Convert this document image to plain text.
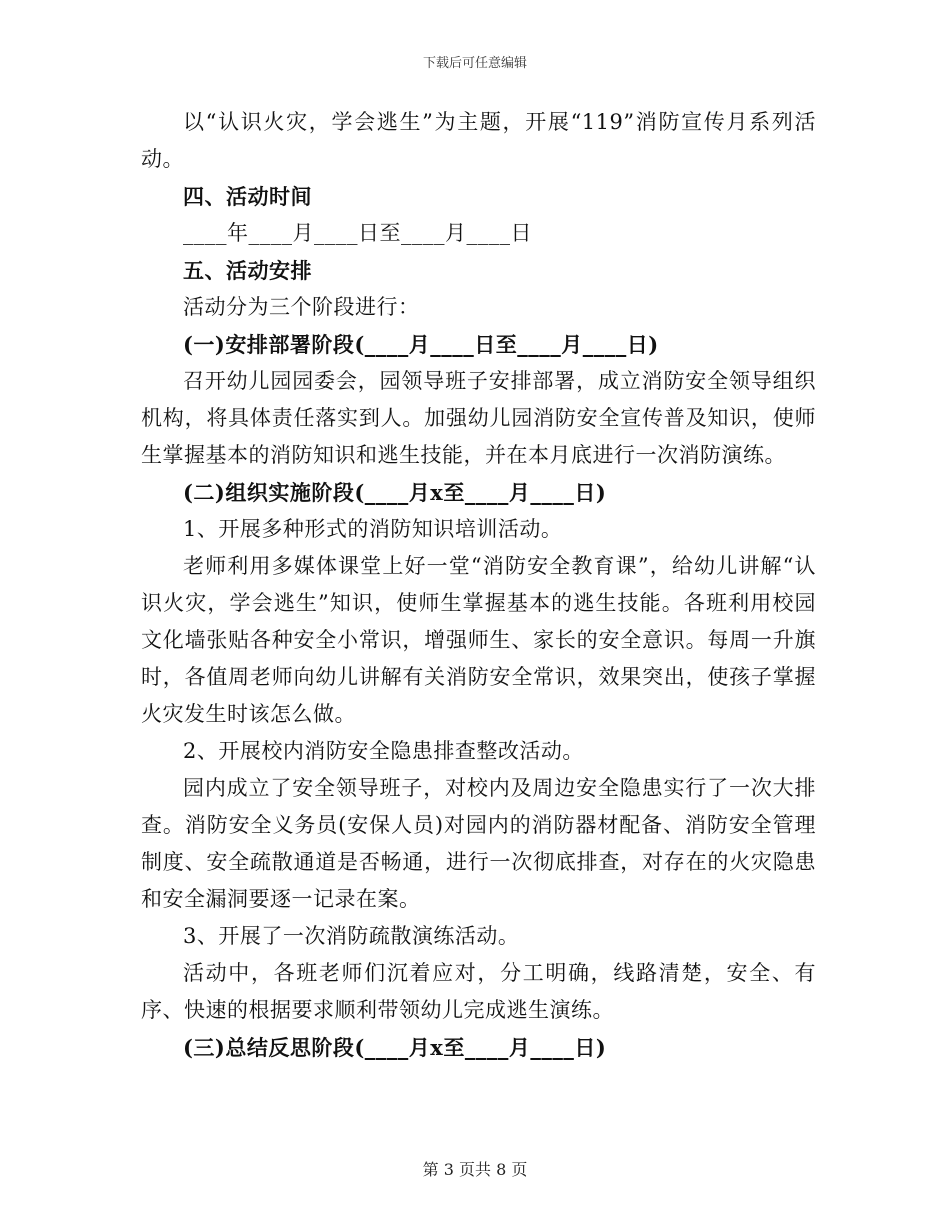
下载后可任意编辑

以“认识火灾，学会逃生”为主题，开展“119”消防宣传月系列活动。

四、活动时间

____年____月____日至____月____日

五、活动安排

活动分为三个阶段进行：

(一)安排部署阶段(____月____日至____月____日)

召开幼儿园园委会，园领导班子安排部署，成立消防安全领导组织机构，将具体责任落实到人。加强幼儿园消防安全宣传普及知识，使师生掌握基本的消防知识和逃生技能，并在本月底进行一次消防演练。

(二)组织实施阶段(____月x至____月____日)

1、开展多种形式的消防知识培训活动。

老师利用多媒体课堂上好一堂“消防安全教育课”，给幼儿讲解“认识火灾，学会逃生”知识，使师生掌握基本的逃生技能。各班利用校园文化墙张贴各种安全小常识，增强师生、家长的安全意识。每周一升旗时，各值周老师向幼儿讲解有关消防安全常识，效果突出，使孩子掌握火灾发生时该怎么做。

2、开展校内消防安全隐患排查整改活动。

园内成立了安全领导班子，对校内及周边安全隐患实行了一次大排查。消防安全义务员(安保人员)对园内的消防器材配备、消防安全管理制度、安全疏散通道是否畅通，进行一次彻底排查，对存在的火灾隐患和安全漏洞要逐一记录在案。

3、开展了一次消防疏散演练活动。

活动中，各班老师们沉着应对，分工明确，线路清楚，安全、有序、快速的根据要求顺利带领幼儿完成逃生演练。

(三)总结反思阶段(____月x至____月____日)

第 3 页共 8 页
